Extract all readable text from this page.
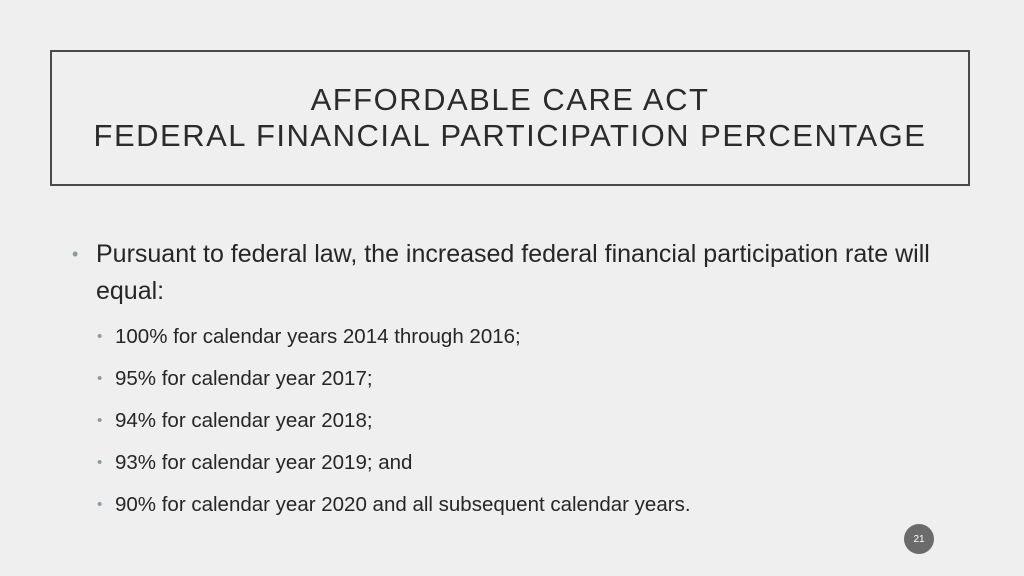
AFFORDABLE CARE ACT
FEDERAL FINANCIAL PARTICIPATION PERCENTAGE
• Pursuant to federal law, the increased federal financial participation rate will equal:
• 100% for calendar years 2014 through 2016;
• 95% for calendar year 2017;
• 94% for calendar year 2018;
• 93% for calendar year 2019; and
• 90% for calendar year 2020 and all subsequent calendar years.
21
